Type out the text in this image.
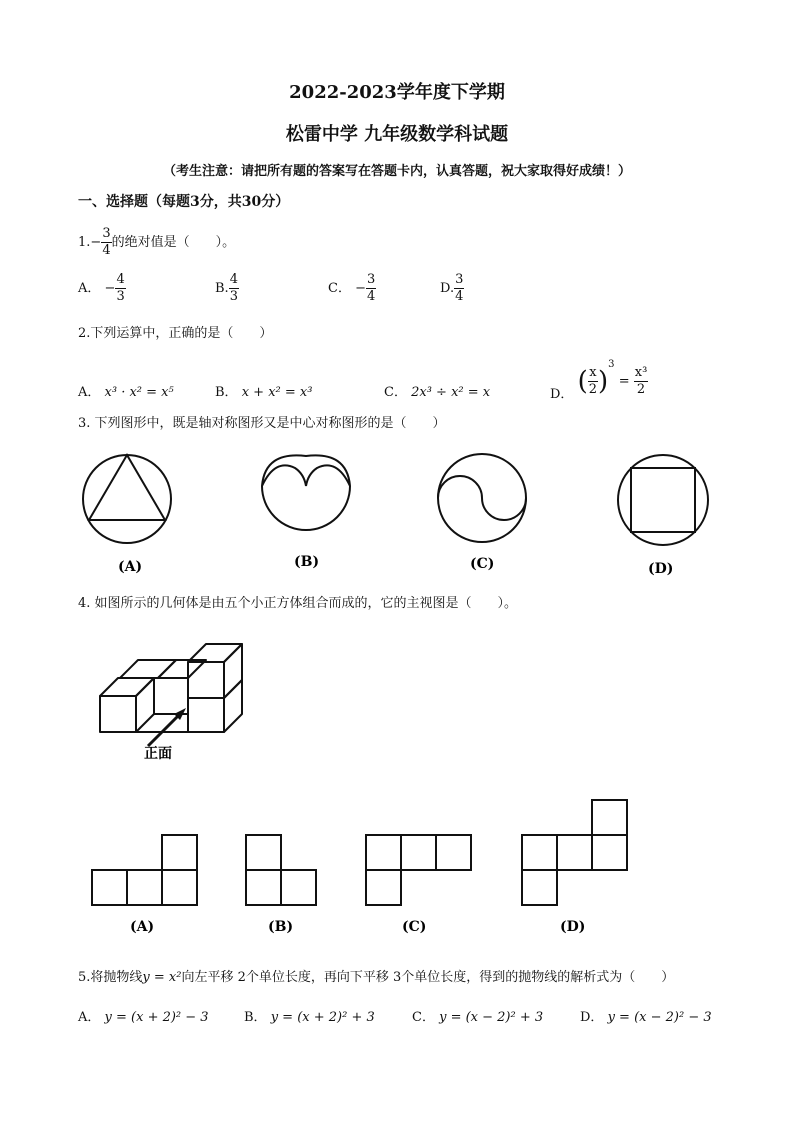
2022-2023学年度下学期
松雷中学 九年级数学科试题
（考生注意：请把所有题的答案写在答题卡内，认真答题，祝大家取得好成绩！）
一、选择题（每题3分，共30分）
$1.- \frac{3}{4}$ 的绝对值是（　　）。
A． − $\frac{4}{3}$	B. $\frac{4}{3}$	C． − $\frac{3}{4}$	D. $\frac{3}{4}$
2.下列运算中，正确的是（　　）
A． x³ · x² = x⁵	B． x + x² = x³	C． 2x³ ÷ x² = x	D． ( $\frac{x}{2} )^3 = \frac{\text{x³}}{2}$
3. 下列图形中，既是轴对称图形又是中心对称图形的是（　　）
(A)	(B)	(C)	(D)
4. 如图所示的几何体是由五个小正方体组合而成的，它的主视图是（　　）。
正面
(A)	(B)	(C)	(D)
5.将抛物线y = x²向左平移 2个单位长度，再向下平移 3个单位长度，得到的抛物线的解析式为（　　）
A． y = (x + 2)² − 3	B． y = (x + 2)² + 3	C． y = (x − 2)² + 3	D． y = (x − 2)² − 3
